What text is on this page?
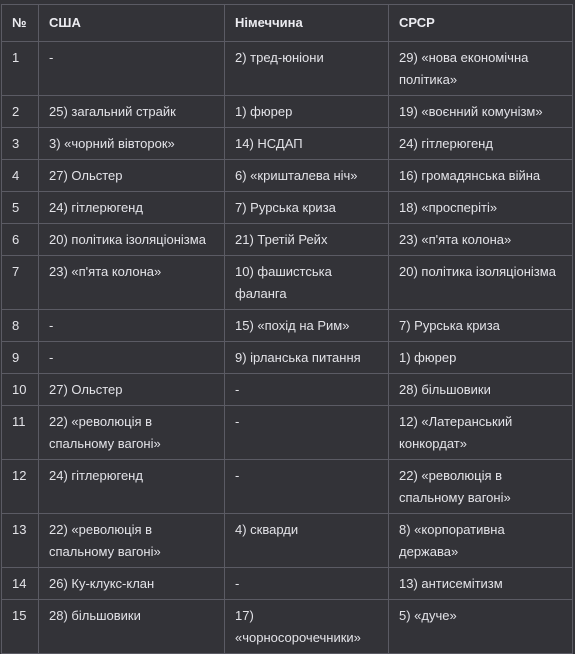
№	США	Німеччина	СРСР
1	-	2) тред-юніони	29) «нова економічна політика»
2	25) загальний страйк	1) фюрер	19) «воєнний комунізм»
3	3) «чорний вівторок»	14) НСДАП	24) гітлерюгенд
4	27) Ольстер	6) «кришталева ніч»	16) громадянська війна
5	24) гітлерюгенд	7) Рурська криза	18) «просперіті»
6	20) політика ізоляціонізма	21) Третій Рейх	23) «п'ята колона»
7	23) «п'ята колона»	10) фашистська фаланга	20) політика ізоляціонізма
8	-	15) «похід на Рим»	7) Рурська криза
9	-	9) ірланська питання	1) фюрер
10	27) Ольстер	-	28) більшовики
11	22) «революція в спальному вагоні»	-	12) «Латеранський конкордат»
12	24) гітлерюгенд	-	22) «революція в спальному вагоні»
13	22) «революція в спальному вагоні»	4) скварди	8) «корпоративна держава»
14	26) Ку-клукс-клан	-	13) антисемітизм
15	28) більшовики	17) «чорносорочечники»	5) «дуче»
